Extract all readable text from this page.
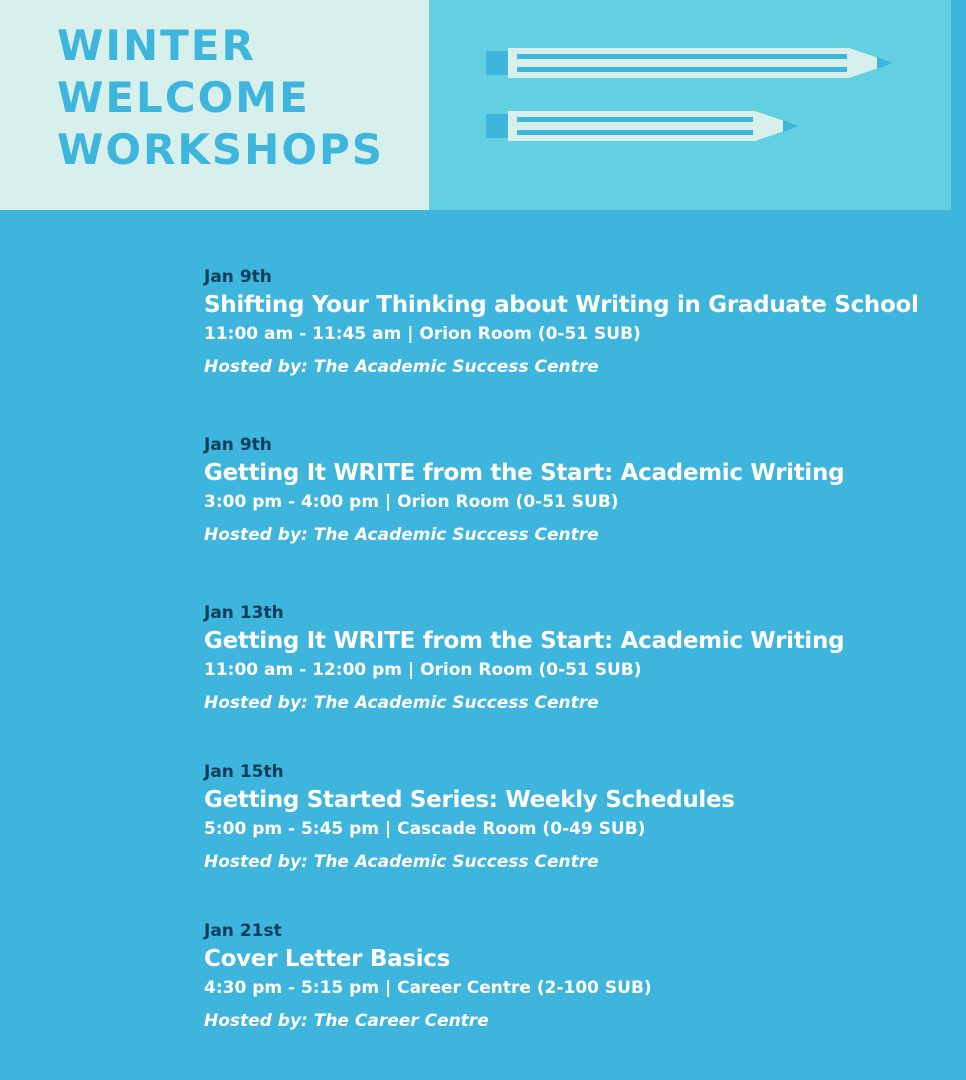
WINTER
WELCOME
WORKSHOPS
Jan 9th
Shifting Your Thinking about Writing in Graduate School
11:00 am - 11:45 am | Orion Room (0-51 SUB)
Hosted by: The Academic Success Centre
Jan 9th
Getting It WRITE from the Start: Academic Writing
3:00 pm - 4:00 pm | Orion Room (0-51 SUB)
Hosted by: The Academic Success Centre
Jan 13th
Getting It WRITE from the Start: Academic Writing
11:00 am - 12:00 pm | Orion Room (0-51 SUB)
Hosted by: The Academic Success Centre
Jan 15th
Getting Started Series: Weekly Schedules
5:00 pm - 5:45 pm | Cascade Room (0-49 SUB)
Hosted by: The Academic Success Centre
Jan 21st
Cover Letter Basics
4:30 pm - 5:15 pm | Career Centre (2-100 SUB)
Hosted by: The Career Centre
